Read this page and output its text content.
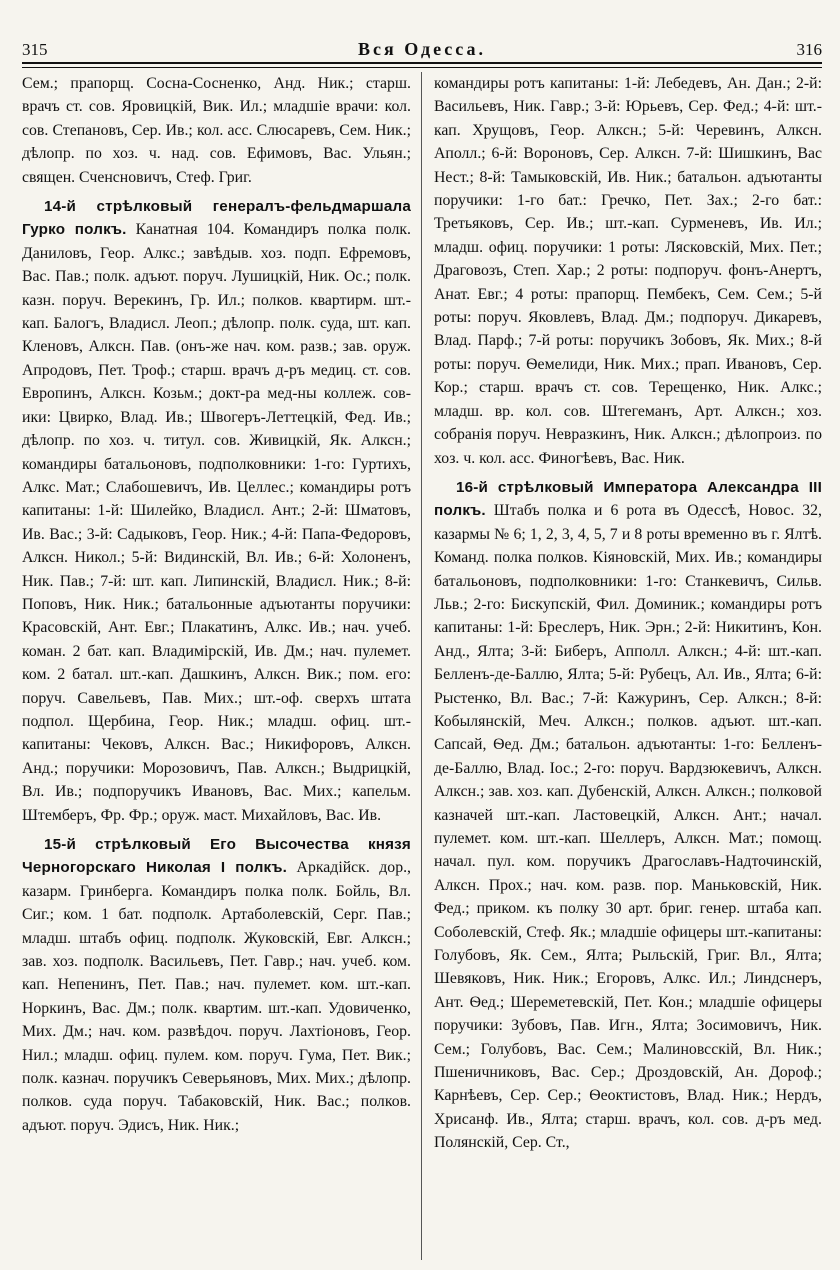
315	Вся Одесса.	316

Сем.; прапорщ. Сосна-Сосненко, Анд. Ник.; старш. врачъ ст. сов. Яровицкій, Вик. Ил.; младшіе врачи: кол. сов. Степановъ, Сер. Ив.; кол. асс. Слюсаревъ, Сем. Ник.; дѣлопр. по хоз. ч. над. сов. Ефимовъ, Вас. Ульян.; священ. Сченсновичъ, Стеф. Григ.

14-й стрѣлковый генералъ-фельдмаршала Гурко полкъ. Канатная 104. Командиръ полка полк. Даниловъ, Геор. Алкс.; завѣдыв. хоз. подп. Ефремовъ, Вас. Пав.; полк. адъют. поруч. Лушицкій, Ник. Ос.; полк. казн. поруч. Верекинъ, Гр. Ил.; полков. квартирм. шт.-кап. Балогъ, Владисл. Леоп.; дѣлопр. полк. суда, шт. кап. Кленовъ, Алкcн. Пав. (онъ-же нач. ком. разв.; зав. оруж. Апродовъ, Пет. Троф.; старш. врачъ д-ръ медиц. ст. сов. Европинъ, Алксн. Козьм.; докт-ра мед-ны коллеж. сов-ики: Цвирко, Влад. Ив.; Швогеръ-Леттецкій, Фед. Ив.; дѣлопр. по хоз. ч. титул. сов. Живицкій, Як. Алксн.; командиры батальоновъ, подполковники: 1-го: Гуртихъ, Алкс. Мат.; Слабошевичъ, Ив. Целлес.; командиры ротъ капитаны: 1-й: Шилейко, Владисл. Ант.; 2-й: Шматовъ, Ив. Вас.; 3-й: Садыковъ, Геор. Ник.; 4-й: Папа-Федоровъ, Алксн. Никол.; 5-й: Видинскій, Вл. Ив.; 6-й: Холоненъ, Ник. Пав.; 7-й: шт. кап. Липинскій, Владисл. Ник.; 8-й: Поповъ, Ник. Ник.; батальонные адъютанты поручики: Красовскій, Ант. Евг.; Плакатинъ, Алкс. Ив.; нач. учеб. коман. 2 бат. кап. Владимірскій, Ив. Дм.; нач. пулемет. ком. 2 батал. шт.-кап. Дашкинъ, Алксн. Вик.; пом. его: поруч. Савельевъ, Пав. Мих.; шт.-оф. сверхъ штата подпол. Щербина, Геор. Ник.; младш. офиц. шт.-капитаны: Чековъ, Алксн. Вас.; Никифоровъ, Алксн. Анд.; поручики: Морозовичъ, Пав. Алксн.; Выдрицкій, Вл. Ив.; подпоручикъ Ивановъ, Вас. Мих.; капельм. Штемберъ, Фр. Фр.; оруж. маст. Михайловъ, Вас. Ив.

15-й стрѣлковый Его Высочества князя Черногорскаго Николая I полкъ. Аркадійск. дор., казарм. Гринберга. Командиръ полка полк. Бойль, Вл. Сиг.; ком. 1 бат. подполк. Артаболевскій, Серг. Пав.; младш. штабъ офиц. подполк. Жуковскій, Евг. Алксн.; зав. хоз. подполк. Васильевъ, Пет. Гавр.; нач. учеб. ком. кап. Непенинъ, Пет. Пав.; нач. пулемет. ком. шт.-кап. Норкинъ, Вас. Дм.; полк. квартим. шт.-кап. Удовиченко, Мих. Дм.; нач. ком. развѣдоч. поруч. Лахтіоновъ, Геор. Нил.; младш. офиц. пулем. ком. поруч. Гума, Пет. Вик.; полк. казнач. поручикъ Северьяновъ, Мих. Мих.; дѣлопр. полков. суда поруч. Табаковскій, Ник. Вас.; полков. адъют. поруч. Эдисъ, Ник. Ник.;

командиры ротъ капитаны: 1-й: Лебедевъ, Ан. Дан.; 2-й: Васильевъ, Ник. Гавр.; 3-й: Юрьевъ, Сер. Фед.; 4-й: шт.-кап. Хрущовъ, Геор. Алксн.; 5-й: Черевинъ, Алксн. Аполл.; 6-й: Вороновъ, Сер. Алксн. 7-й: Шишкинъ, Вас Нест.; 8-й: Тамыковскій, Ив. Ник.; батальон. адъютанты поручики: 1-го бат.: Гречко, Пет. Зах.; 2-го бат.: Третьяковъ, Сер. Ив.; шт.-кап. Сурменевъ, Ив. Ил.; младш. офиц. поручики: 1 роты: Лясковскій, Мих. Пет.; Драговозъ, Степ. Хар.; 2 роты: подпоруч. фонъ-Анертъ, Анат. Евг.; 4 роты: прапорщ. Пембекъ, Сем. Сем.; 5-й роты: поруч. Яковлевъ, Влад. Дм.; подпоруч. Дикаревъ, Влад. Парф.; 7-й роты: поручикъ Зобовъ, Як. Мих.; 8-й роты: поруч. Ѳемелиди, Ник. Мих.; прап. Ивановъ, Сер. Кор.; старш. врачъ ст. сов. Терещенко, Ник. Алкс.; младш. вр. кол. сов. Штегеманъ, Арт. Алксн.; хоз. собранія поруч. Невразкинъ, Ник. Алксн.; дѣлопроиз. по хоз. ч. кол. асс. Финогѣевъ, Вас. Ник.

16-й стрѣлковый Императора Александра III полкъ. Штабъ полка и 6 рота въ Одессѣ, Новос. 32, казармы № 6; 1, 2, 3, 4, 5, 7 и 8 роты временно въ г. Ялтѣ. Команд. полка полков. Кіяновскій, Мих. Ив.; командиры батальоновъ, подполковники: 1-го: Станкевичъ, Сильв. Льв.; 2-го: Бискупскій, Фил. Доминик.; командиры ротъ капитаны: 1-й: Бреслеръ, Ник. Эрн.; 2-й: Никитинъ, Кон. Анд., Ялта; 3-й: Биберъ, Апполл. Алксн.; 4-й: шт.-кап. Белленъ-де-Баллю, Ялта; 5-й: Рубецъ, Ал. Ив., Ялта; 6-й: Рыстенко, Вл. Вас.; 7-й: Кажуринъ, Сер. Алксн.; 8-й: Кобылянскій, Меч. Алксн.; полков. адъют. шт.-кап. Сапсай, Ѳед. Дм.; батальон. адъютанты: 1-го: Белленъ-де-Баллю, Влад. Іос.; 2-го: поруч. Вардзюкевичъ, Алксн. Алксн.; зав. хоз. кап. Дубенскій, Алксн. Алксн.; полковой казначей шт.-кап. Ластовецкій, Алксн. Ант.; начал. пулемет. ком. шт.-кап. Шеллеръ, Алксн. Мат.; помощ. начал. пул. ком. поручикъ Драгославъ-Надточинскій, Алксн. Прох.; нач. ком. разв. пор. Маньковскій, Ник. Фед.; приком. къ полку 30 арт. бриг. генер. штаба кап. Соболевскій, Стеф. Як.; младшіе офицеры шт.-капитаны: Голубовъ, Як. Сем., Ялта; Рыльскій, Григ. Вл., Ялта; Шевяковъ, Ник. Ник.; Егоровъ, Алкс. Ил.; Линдснеръ, Ант. Ѳед.; Шереметевскій, Пет. Кон.; младшіе офицеры поручики: Зубовъ, Пав. Игн., Ялта; Зосимовичъ, Ник. Сем.; Голубовъ, Вас. Сем.; Малиновсскій, Вл. Ник.; Пшеничниковъ, Вас. Сер.; Дроздовскій, Ан. Дороф.; Карнѣевъ, Сер. Сер.; Ѳеоктистовъ, Влад. Ник.; Нердъ, Хрисанф. Ив., Ялта; старш. врачъ, кол. сов. д-ръ мед. Полянскій, Сер. Ст.,
